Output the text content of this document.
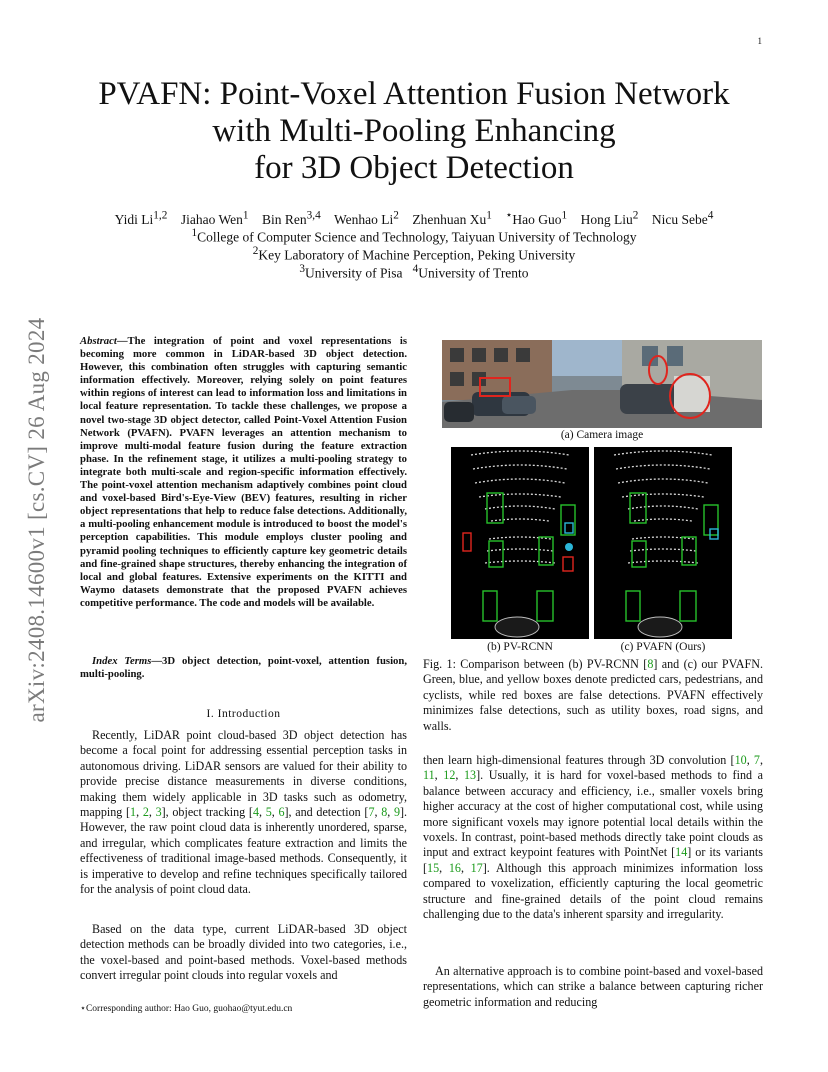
1
arXiv:2408.14600v1 [cs.CV] 26 Aug 2024
PVAFN: Point-Voxel Attention Fusion Network
with Multi-Pooling Enhancing
for 3D Object Detection
Yidi Li$^{1,2}$ Jiahao Wen$^1$ Bin Ren$^{3,4}$ Wenhao Li$^2$ Zhenhuan Xu$^1$ ⋆Hao Guo$^1$ Hong Liu$^2$ Nicu Sebe$^4$
$^1$College of Computer Science and Technology, Taiyuan University of Technology
$^2$Key Laboratory of Machine Perception, Peking University
$^3$University of Pisa $^4$University of Trento
Abstract—The integration of point and voxel representations is becoming more common in LiDAR-based 3D object detection. However, this combination often struggles with capturing semantic information effectively. Moreover, relying solely on point features within regions of interest can lead to information loss and limitations in local feature representation. To tackle these challenges, we propose a novel two-stage 3D object detector, called Point-Voxel Attention Fusion Network (PVAFN). PVAFN leverages an attention mechanism to improve multi-modal feature fusion during the feature extraction phase. In the refinement stage, it utilizes a multi-pooling strategy to integrate both multi-scale and region-specific information effectively. The point-voxel attention mechanism adaptively combines point cloud and voxel-based Bird's-Eye-View (BEV) features, resulting in richer object representations that help to reduce false detections. Additionally, a multi-pooling enhancement module is introduced to boost the model's perception capabilities. This module employs cluster pooling and pyramid pooling techniques to efficiently capture key geometric details and fine-grained shape structures, thereby enhancing the integration of local and global features. Extensive experiments on the KITTI and Waymo datasets demonstrate that the proposed PVAFN achieves competitive performance. The code and models will be available.
Index Terms—3D object detection, point-voxel, attention fusion, multi-pooling.
I. Introduction
Recently, LiDAR point cloud-based 3D object detection has become a focal point for addressing essential perception tasks in autonomous driving. LiDAR sensors are valued for their ability to provide precise distance measurements in diverse conditions, making them widely applicable in 3D tasks such as odometry, mapping [1, 2, 3], object tracking [4, 5, 6], and detection [7, 8, 9]. However, the raw point cloud data is inherently unordered, sparse, and irregular, which complicates feature extraction and limits the effectiveness of traditional image-based methods. Consequently, it is imperative to develop and refine techniques specifically tailored for the analysis of point cloud data.
Based on the data type, current LiDAR-based 3D object detection methods can be broadly divided into two categories, i.e., the voxel-based and point-based methods. Voxel-based methods convert irregular point clouds into regular voxels and
⋆Corresponding author: Hao Guo, guohao@tyut.edu.cn
(a) Camera image
(b) PV-RCNN	(c) PVAFN (Ours)
Fig. 1: Comparison between (b) PV-RCNN [8] and (c) our PVAFN. Green, blue, and yellow boxes denote predicted cars, pedestrians, and cyclists, while red boxes are false detections. PVAFN effectively minimizes false detections, such as utility boxes, road signs, and walls.
then learn high-dimensional features through 3D convolution [10, 7, 11, 12, 13]. Usually, it is hard for voxel-based methods to find a balance between accuracy and efficiency, i.e., smaller voxels bring higher accuracy at the cost of higher computational cost, while using more significant voxels may ignore potential local details within the voxels. In contrast, point-based methods directly take point clouds as input and extract keypoint features with PointNet [14] or its variants [15, 16, 17]. Although this approach minimizes information loss compared to voxelization, efficiently capturing the local geometric structure and fine-grained details of the point cloud remains challenging due to the data's inherent sparsity and irregularity.
An alternative approach is to combine point-based and voxel-based representations, which can strike a balance between capturing richer geometric information and reducing
